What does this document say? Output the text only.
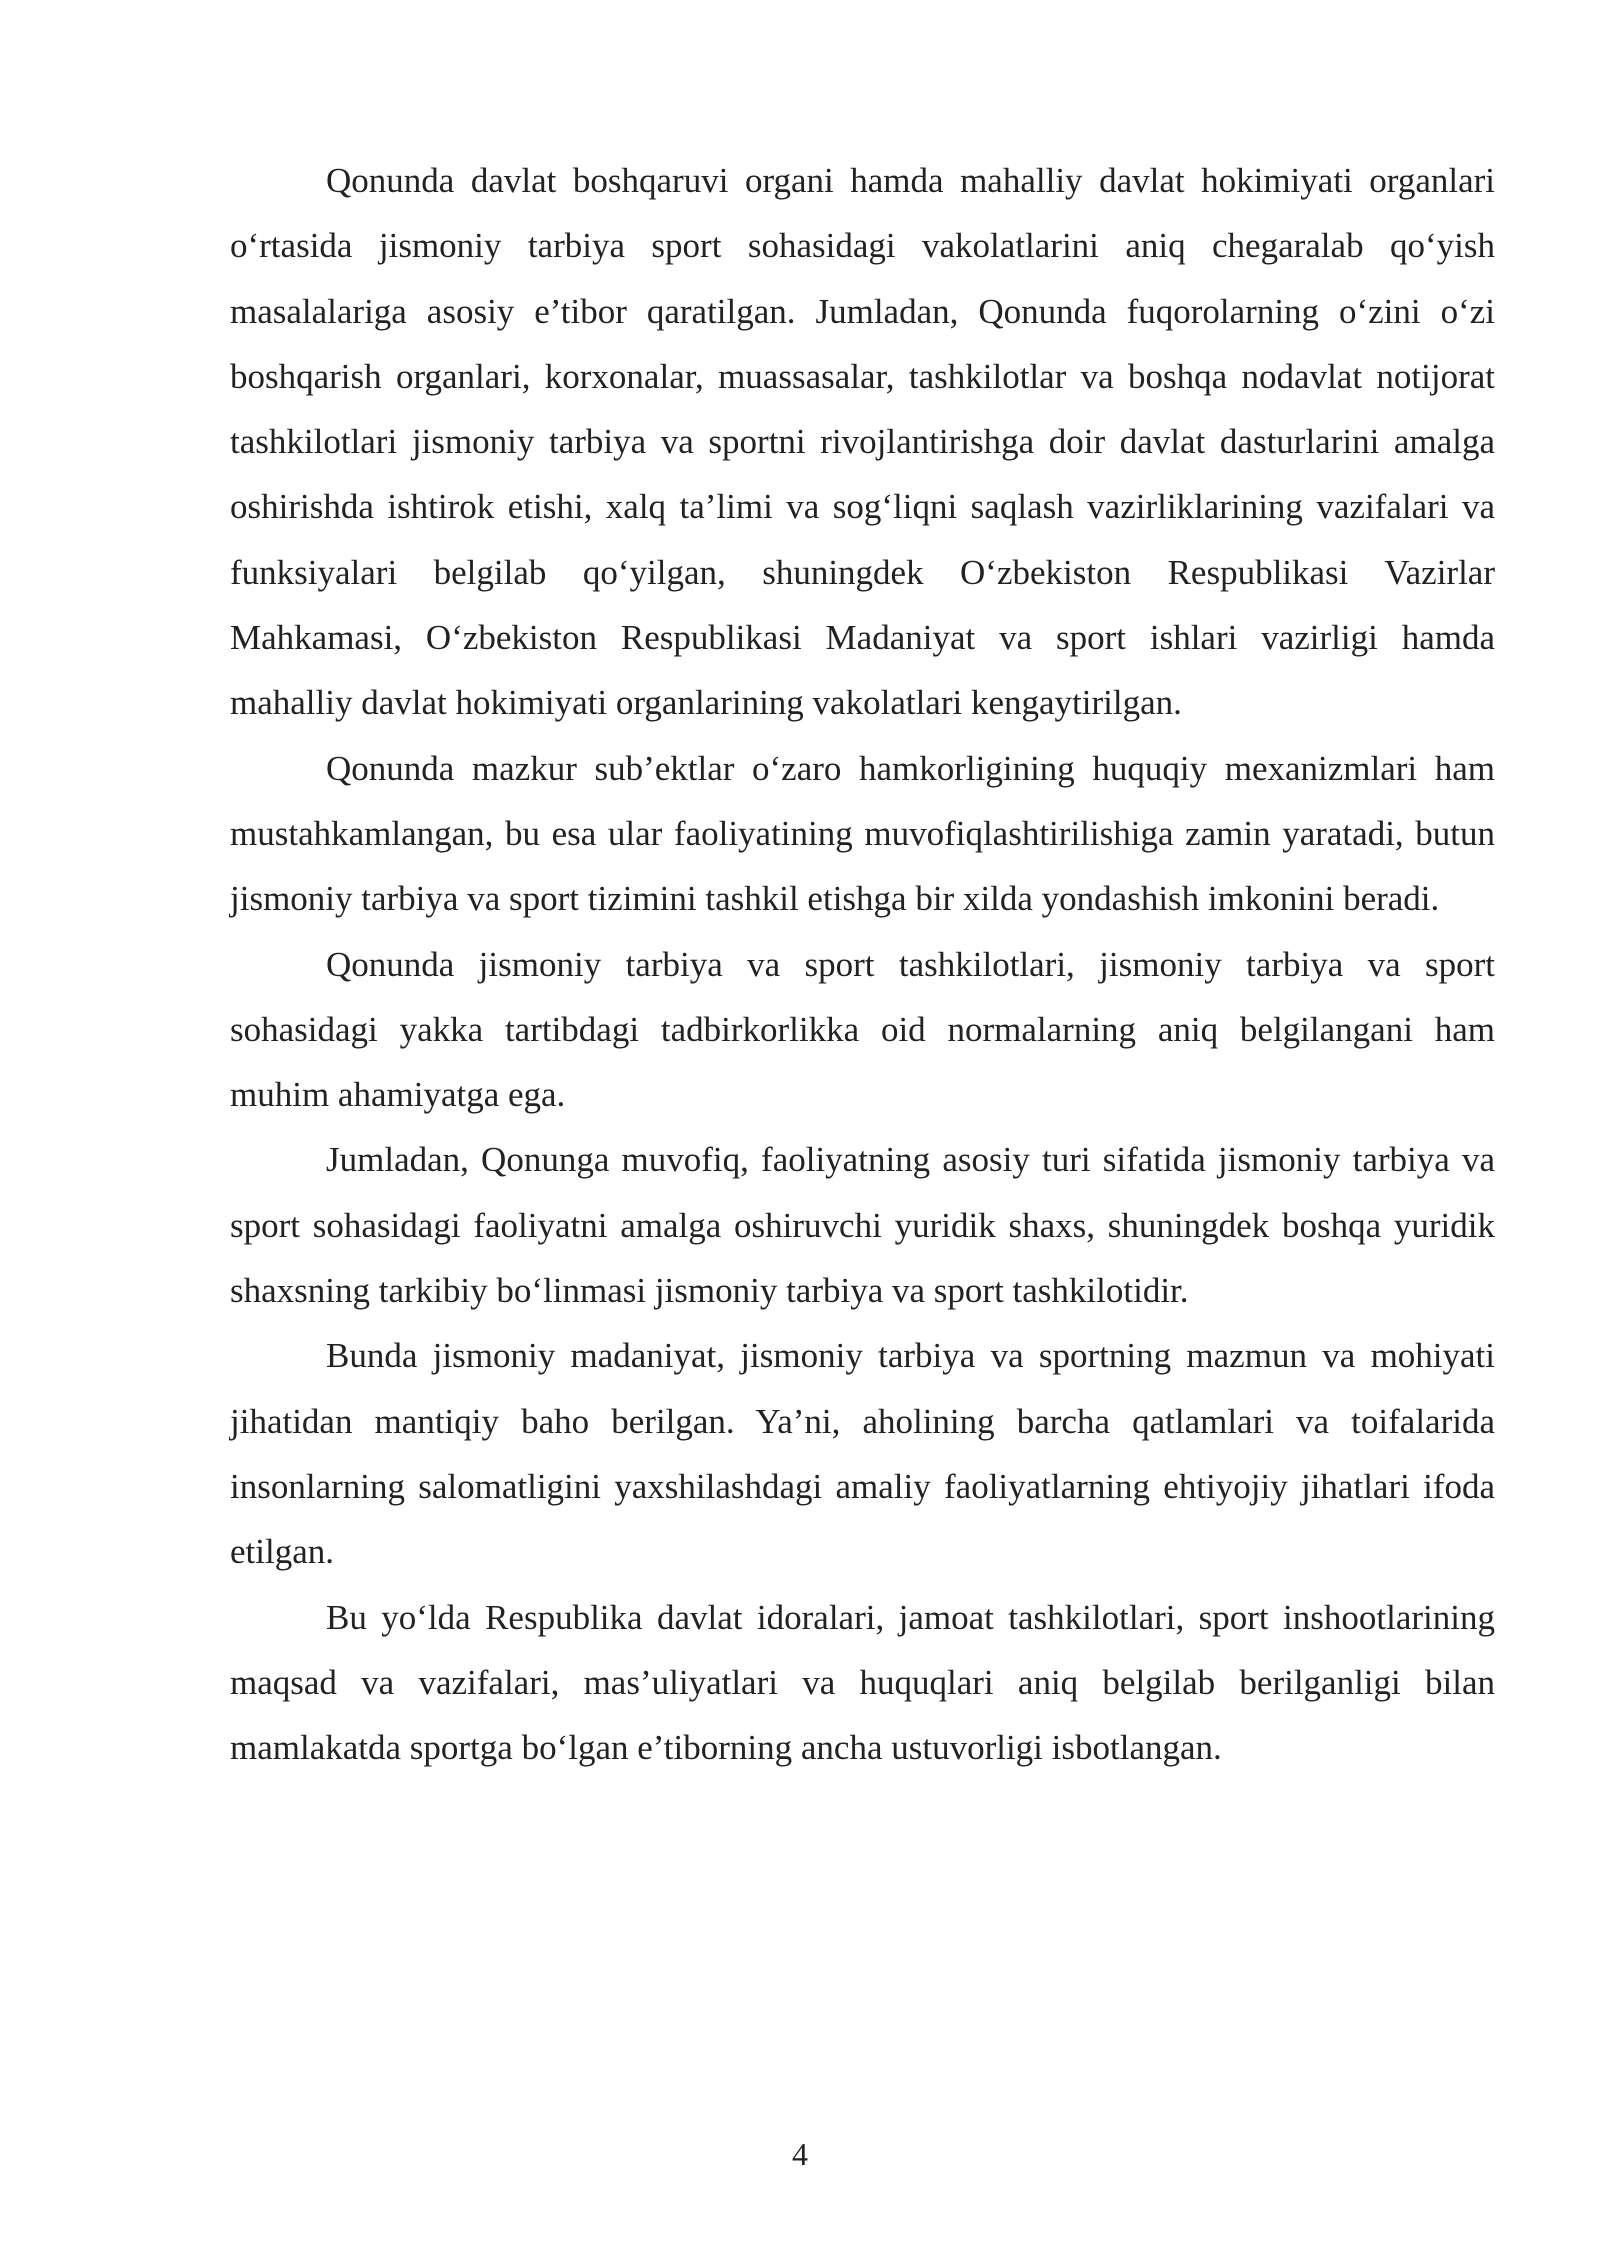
Qonunda davlat boshqaruvi organi hamda mahalliy davlat hokimiyati organlari o‘rtasida jismoniy tarbiya sport sohasidagi vakolatlarini aniq chegaralab qo‘yish masalalariga asosiy e’tibor qaratilgan. Jumladan, Qonunda fuqorolarning o‘zini o‘zi boshqarish organlari, korxonalar, muassasalar, tashkilotlar va boshqa nodavlat notijorat tashkilotlari jismoniy tarbiya va sportni rivojlantirishga doir davlat dasturlarini amalga oshirishda ishtirok etishi, xalq ta’limi va sog‘liqni saqlash vazirliklarining vazifalari va funksiyalari belgilab qo‘yilgan, shuningdek O‘zbekiston Respublikasi Vazirlar Mahkamasi, O‘zbekiston Respublikasi Madaniyat va sport ishlari vazirligi hamda mahalliy davlat hokimiyati organlarining vakolatlari kengaytirilgan.

Qonunda mazkur sub’ektlar o‘zaro hamkorligining huquqiy mexanizmlari ham mustahkamlangan, bu esa ular faoliyatining muvofiqlashtirilishiga zamin yaratadi, butun jismoniy tarbiya va sport tizimini tashkil etishga bir xilda yondashish imkonini beradi.

Qonunda jismoniy tarbiya va sport tashkilotlari, jismoniy tarbiya va sport sohasidagi yakka tartibdagi tadbirkorlikka oid normalarning aniq belgilangani ham muhim ahamiyatga ega.

Jumladan, Qonunga muvofiq, faoliyatning asosiy turi sifatida jismoniy tarbiya va sport sohasidagi faoliyatni amalga oshiruvchi yuridik shaxs, shuningdek boshqa yuridik shaxsning tarkibiy bo‘linmasi jismoniy tarbiya va sport tashkilotidir.

Bunda jismoniy madaniyat, jismoniy tarbiya va sportning mazmun va mohiyati jihatidan mantiqiy baho berilgan. Ya’ni, aholining barcha qatlamlari va toifalarida insonlarning salomatligini yaxshilashdagi amaliy faoliyatlarning ehtiyojiy jihatlari ifoda etilgan.

Bu yo‘lda Respublika davlat idoralari, jamoat tashkilotlari, sport inshootlarining maqsad va vazifalari, mas’uliyatlari va huquqlari aniq belgilab berilganligi bilan mamlakatda sportga bo‘lgan e’tiborning ancha ustuvorligi isbotlangan.

4
